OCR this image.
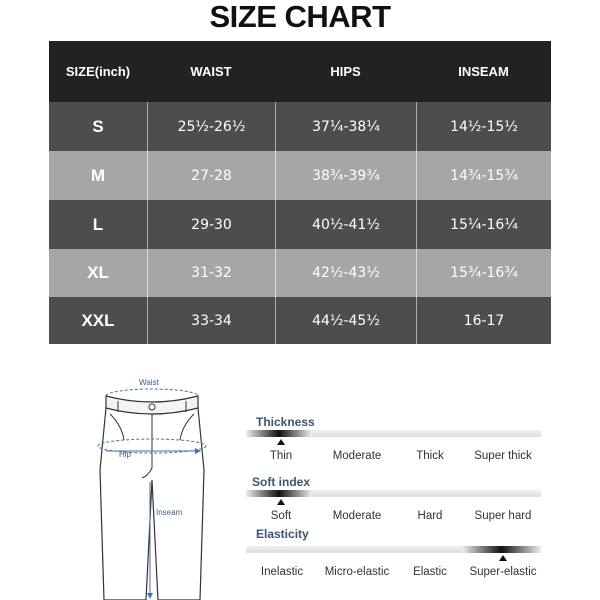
SIZE CHART
SIZE(inch)	WAIST	HIPS	INSEAM
S	25½-26½	37¼-38¼	14½-15½
M	27-28	38¾-39¾	14¾-15¾
L	29-30	40½-41½	15¼-16¼
XL	31-32	42½-43½	15¾-16¾
XXL	33-34	44½-45½	16-17
Waist
Hip
Inseam
Thickness
Thin	Moderate	Thick	Super thick
Soft index
Soft	Moderate	Hard	Super hard
Elasticity
Inelastic Micro-elastic Elastic Super-elastic
